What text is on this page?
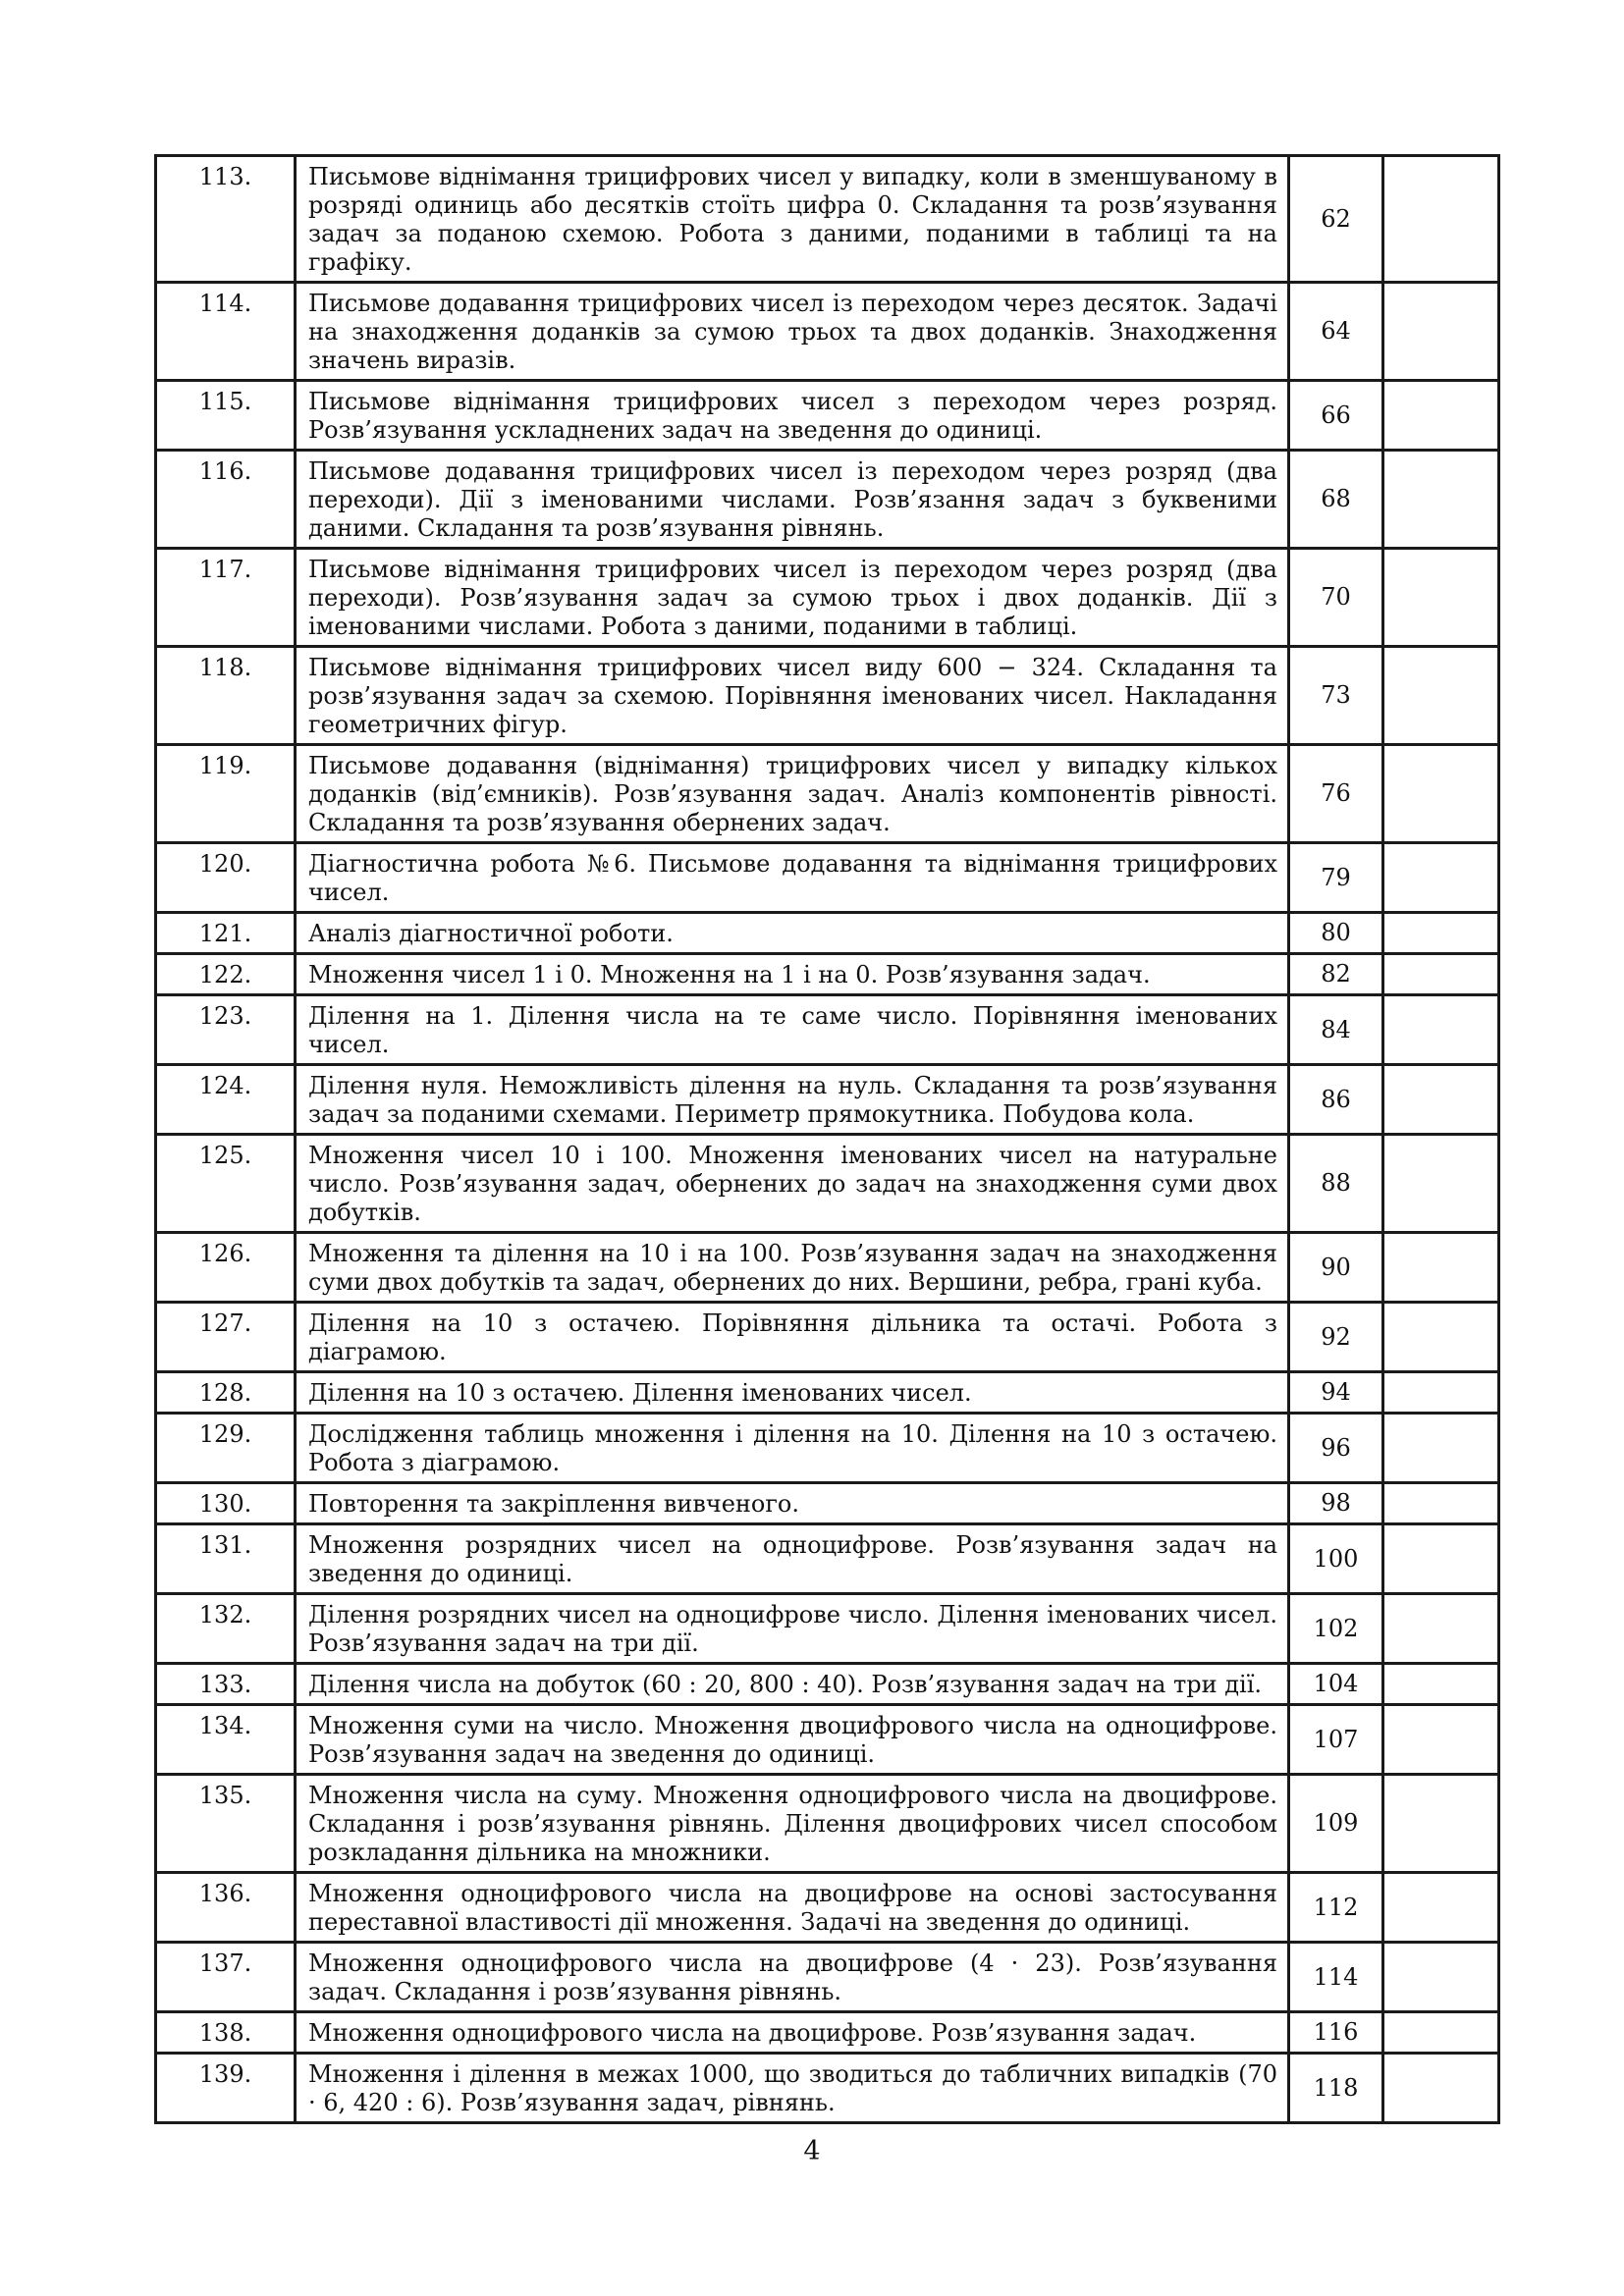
113.	Письмове віднімання трицифрових чисел у випадку, коли в зменшуваному в розряді одиниць або десятків стоїть цифра 0. Складання та розв’язування задач за поданою схемою. Робота з даними, поданими в таблиці та на графіку.	62	
114.	Письмове додавання трицифрових чисел із переходом через десяток. Задачі на знаходження доданків за сумою трьох та двох доданків. Знаходження значень виразів.	64	
115.	Письмове віднімання трицифрових чисел з переходом через розряд. Розв’язування ускладнених задач на зведення до одиниці.	66	
116.	Письмове додавання трицифрових чисел із переходом через розряд (два переходи). Дії з іменованими числами. Розв’язання задач з буквеними даними. Складання та розв’язування рівнянь.	68	
117.	Письмове віднімання трицифрових чисел із переходом через розряд (два переходи). Розв’язування задач за сумою трьох і двох доданків. Дії з іменованими числами. Робота з даними, поданими в таблиці.	70	
118.	Письмове віднімання трицифрових чисел виду 600 − 324. Складання та розв’язування задач за схемою. Порівняння іменованих чисел. Накладання геометричних фігур.	73	
119.	Письмове додавання (віднімання) трицифрових чисел у випадку кількох доданків (від’ємників). Розв’язування задач. Аналіз компонентів рівності. Складання та розв’язування обернених задач.	76	
120.	Діагностична робота №6. Письмове додавання та віднімання трицифрових чисел.	79	
121.	Аналіз діагностичної роботи.	80	
122.	Множення чисел 1 і 0. Множення на 1 і на 0. Розв’язування задач.	82	
123.	Ділення на 1. Ділення числа на те саме число. Порівняння іменованих чисел.	84	
124.	Ділення нуля. Неможливість ділення на нуль. Складання та розв’язування задач за поданими схемами. Периметр прямокутника. Побудова кола.	86	
125.	Множення чисел 10 і 100. Множення іменованих чисел на натуральне число. Розв’язування задач, обернених до задач на знаходження суми двох добутків.	88	
126.	Множення та ділення на 10 і на 100. Розв’язування задач на знаходження суми двох добутків та задач, обернених до них. Вершини, ребра, грані куба.	90	
127.	Ділення на 10 з остачею. Порівняння дільника та остачі. Робота з діаграмою.	92	
128.	Ділення на 10 з остачею. Ділення іменованих чисел.	94	
129.	Дослідження таблиць множення і ділення на 10. Ділення на 10 з остачею. Робота з діаграмою.	96	
130.	Повторення та закріплення вивченого.	98	
131.	Множення розрядних чисел на одноцифрове. Розв’язування задач на зведення до одиниці.	100	
132.	Ділення розрядних чисел на одноцифрове число. Ділення іменованих чисел. Розв’язування задач на три дії.	102	
133.	Ділення числа на добуток (60 : 20, 800 : 40). Розв’язування задач на три дії.	104	
134.	Множення суми на число. Множення двоцифрового числа на одноцифрове. Розв’язування задач на зведення до одиниці.	107	
135.	Множення числа на суму. Множення одноцифрового числа на двоцифрове. Складання і розв’язування рівнянь. Ділення двоцифрових чисел способом розкладання дільника на множники.	109	
136.	Множення одноцифрового числа на двоцифрове на основі застосування переставної властивості дії множення. Задачі на зведення до одиниці.	112	
137.	Множення одноцифрового числа на двоцифрове (4 · 23). Розв’язування задач. Складання і розв’язування рівнянь.	114	
138.	Множення одноцифрового числа на двоцифрове. Розв’язування задач.	116	
139.	Множення і ділення в межах 1000, що зводиться до табличних випадків (70 · 6, 420 : 6). Розв’язування задач, рівнянь.	118	
4
